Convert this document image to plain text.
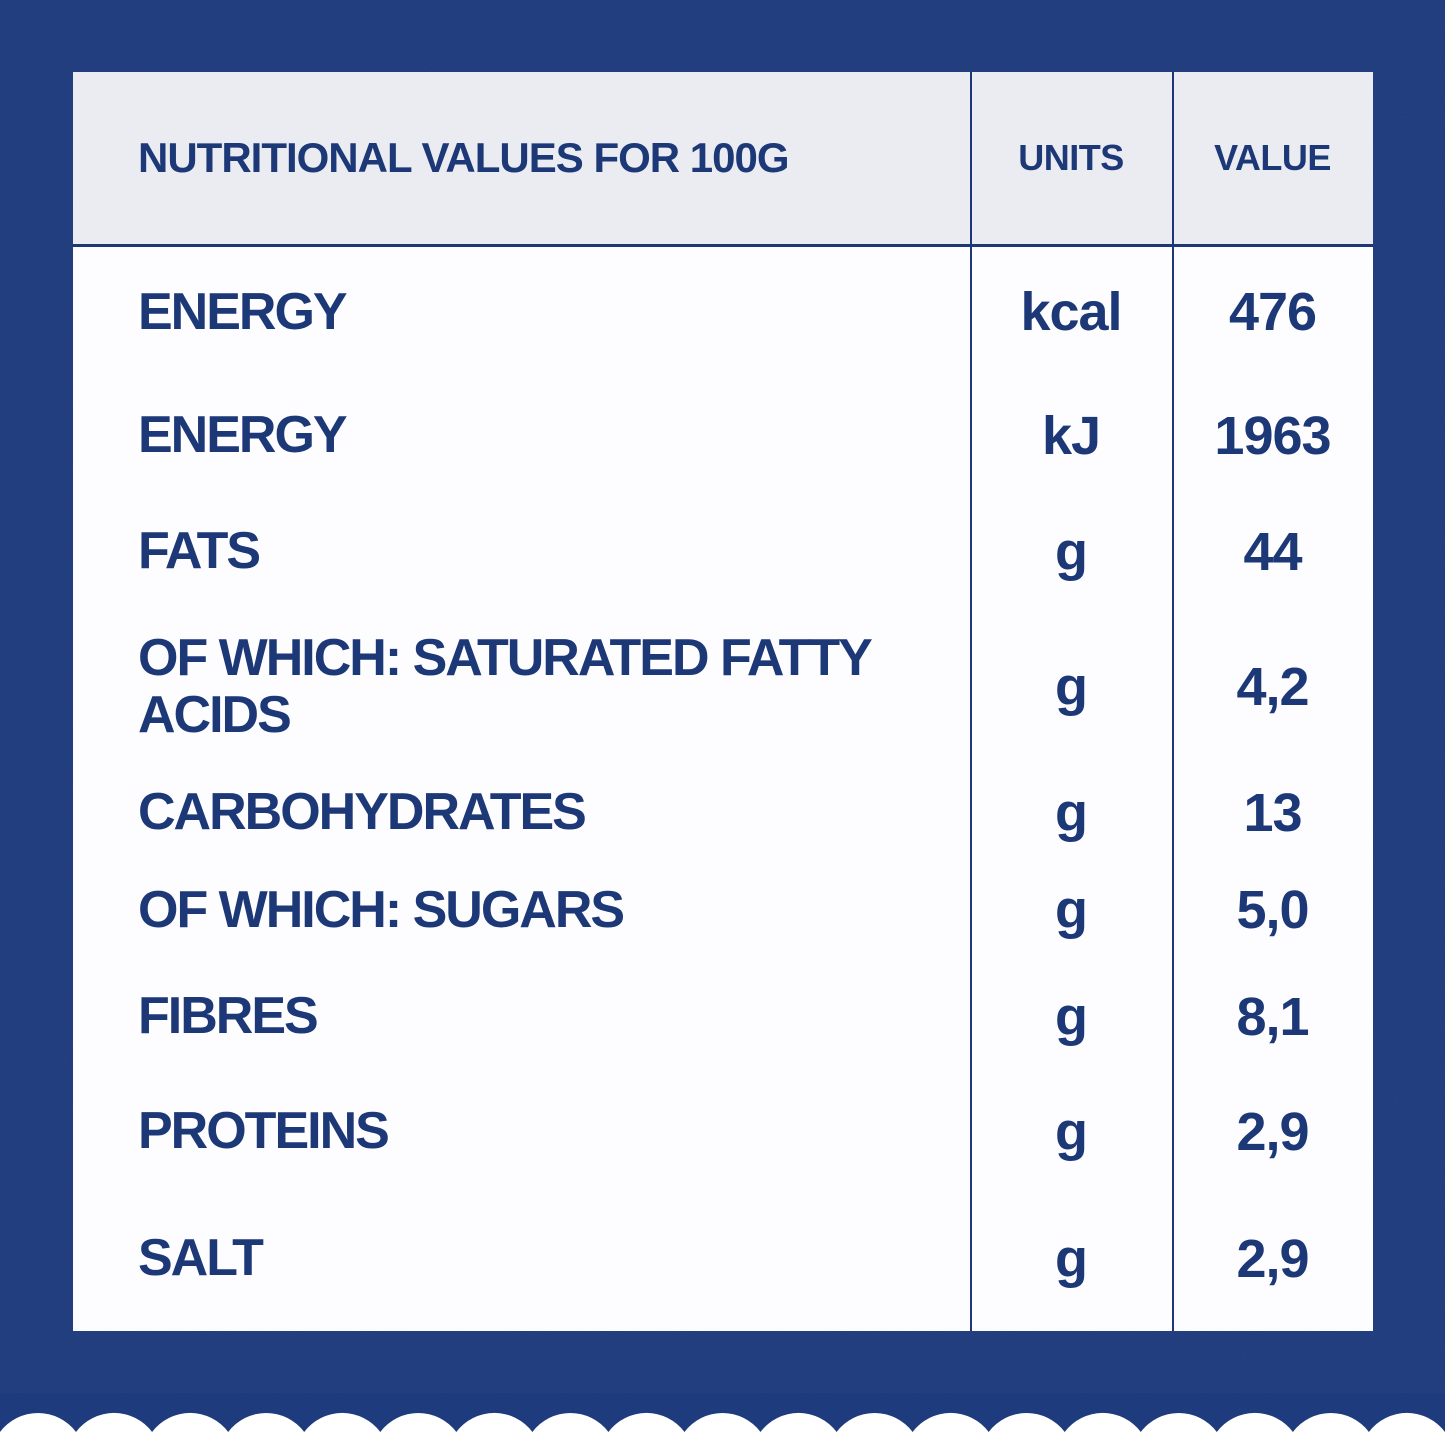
NUTRITIONAL VALUES FOR 100G	UNITS	VALUE
ENERGY	kcal	476
ENERGY	kJ	1963
FATS	g	44
OF WHICH: SATURATED FATTY ACIDS	g	4,2
CARBOHYDRATES	g	13
OF WHICH: SUGARS	g	5,0
FIBRES	g	8,1
PROTEINS	g	2,9
SALT	g	2,9
